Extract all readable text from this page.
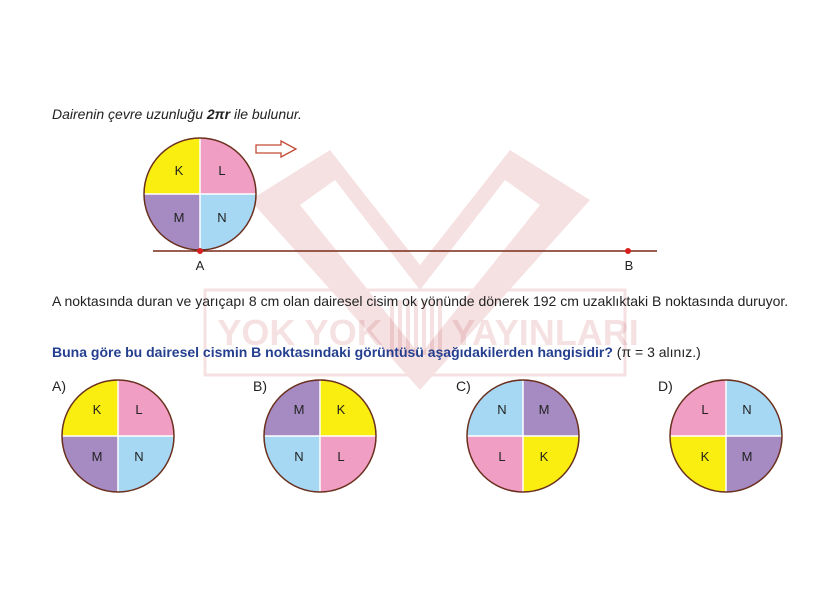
YOK YOK YAYINLARI
Dairenin çevre uzunluğu 2πr ile bulunur.
K	L
M	N
A	B
A noktasında duran ve yarıçapı 8 cm olan dairesel cisim ok yönünde dönerek 192 cm uzaklıktaki B noktasında duruyor.
Buna göre bu dairesel cismin B noktasındaki görüntüsü aşağıdakilerden hangisidir? (π = 3 alınız.)
A)	B)	C)	D)
K	L
M N
M K
N	L
N M
L	K
L	N
K M
